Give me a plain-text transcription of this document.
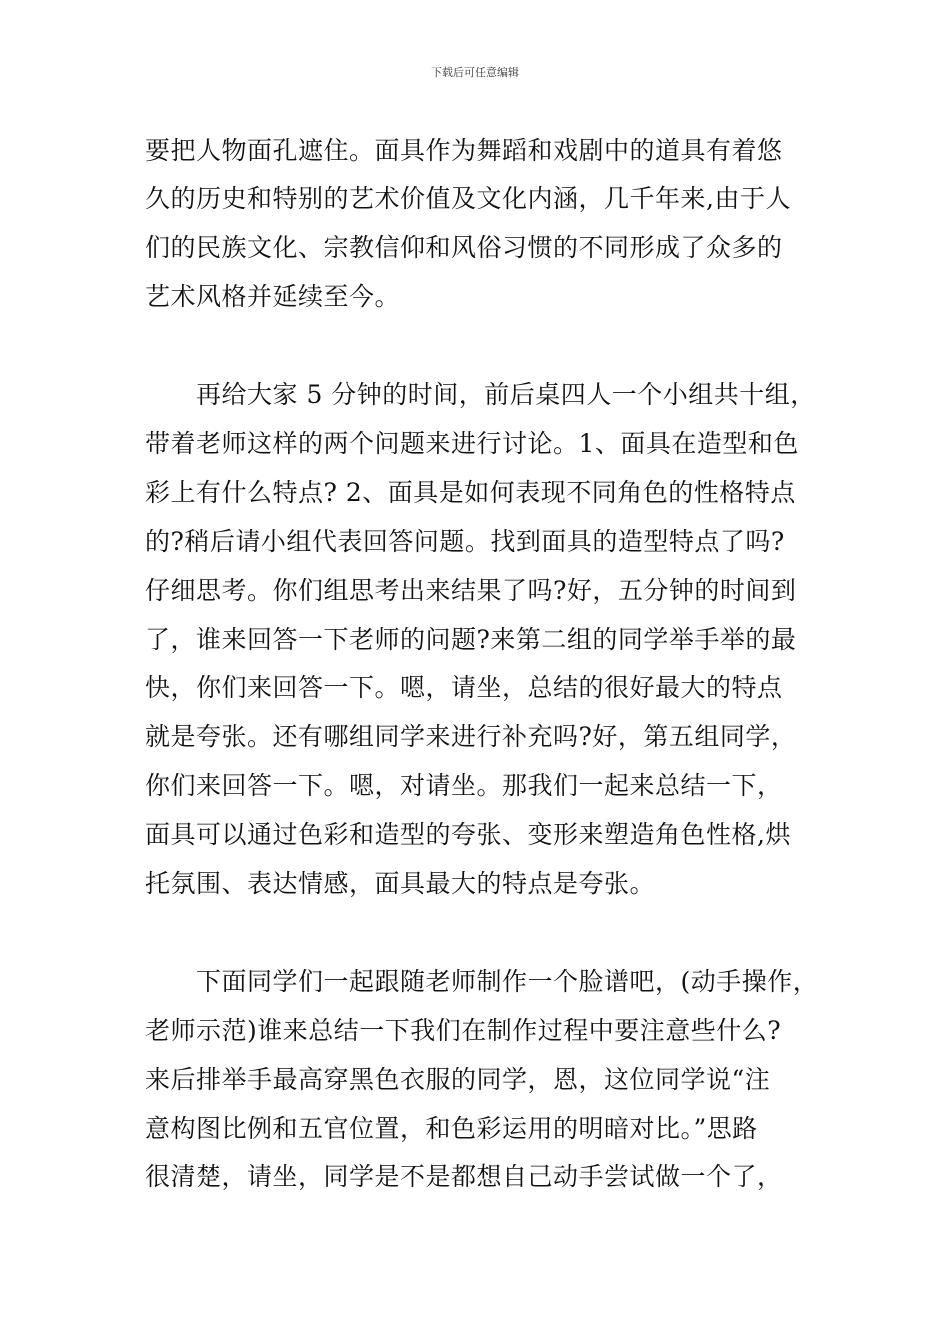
下载后可任意编辑
要把人物面孔遮住。面具作为舞蹈和戏剧中的道具有着悠
久的历史和特别的艺术价值及文化内涵，几千年来,由于人
们的民族文化、宗教信仰和风俗习惯的不同形成了众多的
艺术风格并延续至今。
　　再给大家 5 分钟的时间，前后桌四人一个小组共十组，
带着老师这样的两个问题来进行讨论。1、面具在造型和色
彩上有什么特点? 2、面具是如何表现不同角色的性格特点
的?稍后请小组代表回答问题。找到面具的造型特点了吗?
仔细思考。你们组思考出来结果了吗?好，五分钟的时间到
了，谁来回答一下老师的问题?来第二组的同学举手举的最
快，你们来回答一下。嗯，请坐，总结的很好最大的特点
就是夸张。还有哪组同学来进行补充吗?好，第五组同学，
你们来回答一下。嗯，对请坐。那我们一起来总结一下，
面具可以通过色彩和造型的夸张、变形来塑造角色性格,烘
托氛围、表达情感，面具最大的特点是夸张。
　　下面同学们一起跟随老师制作一个脸谱吧，(动手操作，
老师示范)谁来总结一下我们在制作过程中要注意些什么?
来后排举手最高穿黑色衣服的同学，恩，这位同学说“注
意构图比例和五官位置，和色彩运用的明暗对比。”思路
很清楚，请坐，同学是不是都想自己动手尝试做一个了，
